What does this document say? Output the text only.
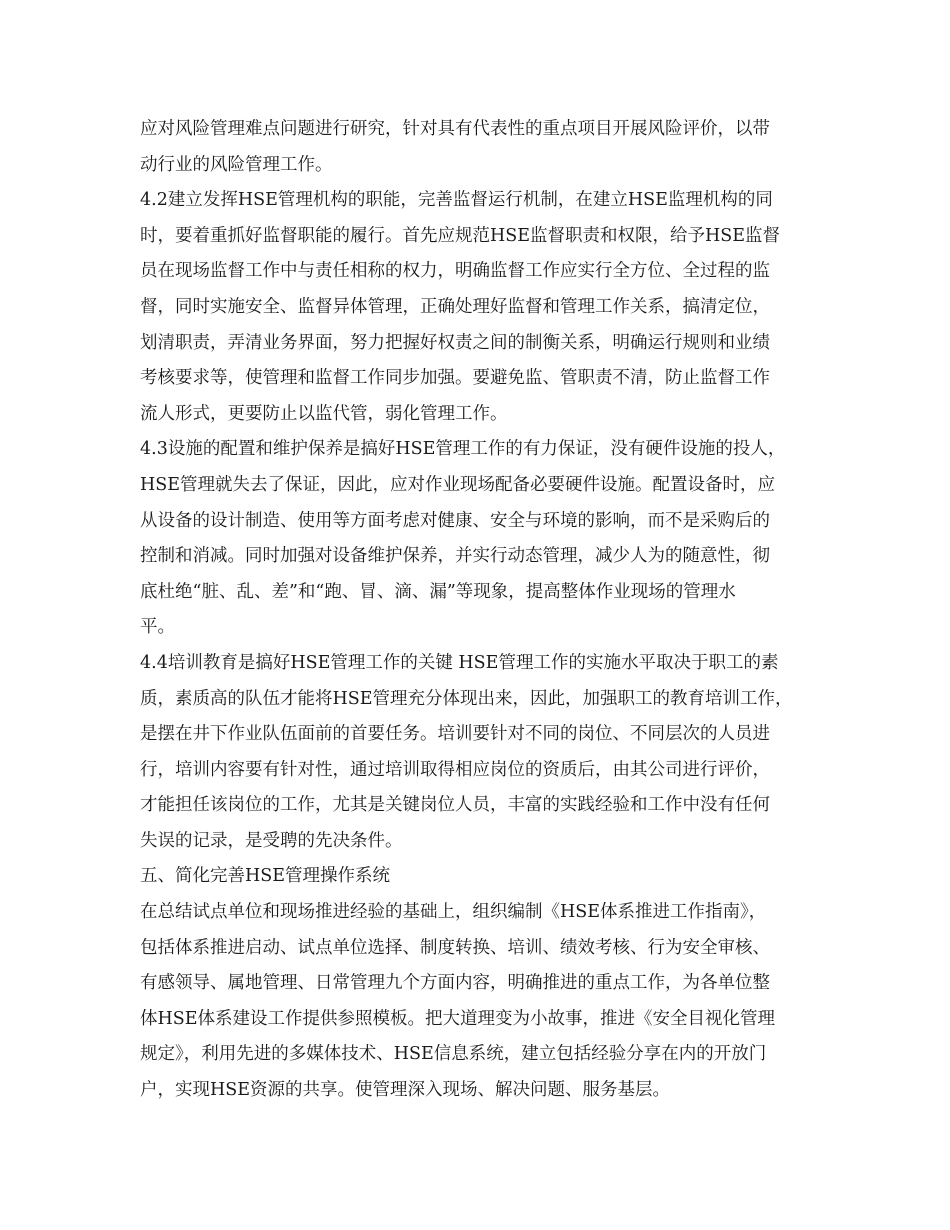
应对风险管理难点问题进行研究，针对具有代表性的重点项目开展风险评价，以带
动行业的风险管理工作。
4.2建立发挥HSE管理机构的职能，完善监督运行机制，在建立HSE监理机构的同
时，要着重抓好监督职能的履行。首先应规范HSE监督职责和权限，给予HSE监督
员在现场监督工作中与责任相称的权力，明确监督工作应实行全方位、全过程的监
督，同时实施安全、监督异体管理，正确处理好监督和管理工作关系，搞清定位，
划清职责，弄清业务界面，努力把握好权责之间的制衡关系，明确运行规则和业绩
考核要求等，使管理和监督工作同步加强。要避免监、管职责不清，防止监督工作
流人形式，更要防止以监代管，弱化管理工作。
4.3设施的配置和维护保养是搞好HSE管理工作的有力保证，没有硬件设施的投人，
HSE管理就失去了保证，因此，应对作业现场配备必要硬件设施。配置设备时，应
从设备的设计制造、使用等方面考虑对健康、安全与环境的影响，而不是采购后的
控制和消减。同时加强对设备维护保养，并实行动态管理，减少人为的随意性，彻
底杜绝“脏、乱、差”和“跑、冒、滴、漏”等现象，提高整体作业现场的管理水
平。
4.4培训教育是搞好HSE管理工作的关键 HSE管理工作的实施水平取决于职工的素
质，素质高的队伍才能将HSE管理充分体现出来，因此，加强职工的教育培训工作，
是摆在井下作业队伍面前的首要任务。培训要针对不同的岗位、不同层次的人员进
行，培训内容要有针对性，通过培训取得相应岗位的资质后，由其公司进行评价，
才能担任该岗位的工作，尤其是关键岗位人员，丰富的实践经验和工作中没有任何
失误的记录，是受聘的先决条件。
五、简化完善HSE管理操作系统
在总结试点单位和现场推进经验的基础上，组织编制《HSE体系推进工作指南》，
包括体系推进启动、试点单位选择、制度转换、培训、绩效考核、行为安全审核、
有感领导、属地管理、日常管理九个方面内容，明确推进的重点工作，为各单位整
体HSE体系建设工作提供参照模板。把大道理变为小故事，推进《安全目视化管理
规定》，利用先进的多媒体技术、HSE信息系统，建立包括经验分享在内的开放门
户，实现HSE资源的共享。使管理深入现场、解决问题、服务基层。
